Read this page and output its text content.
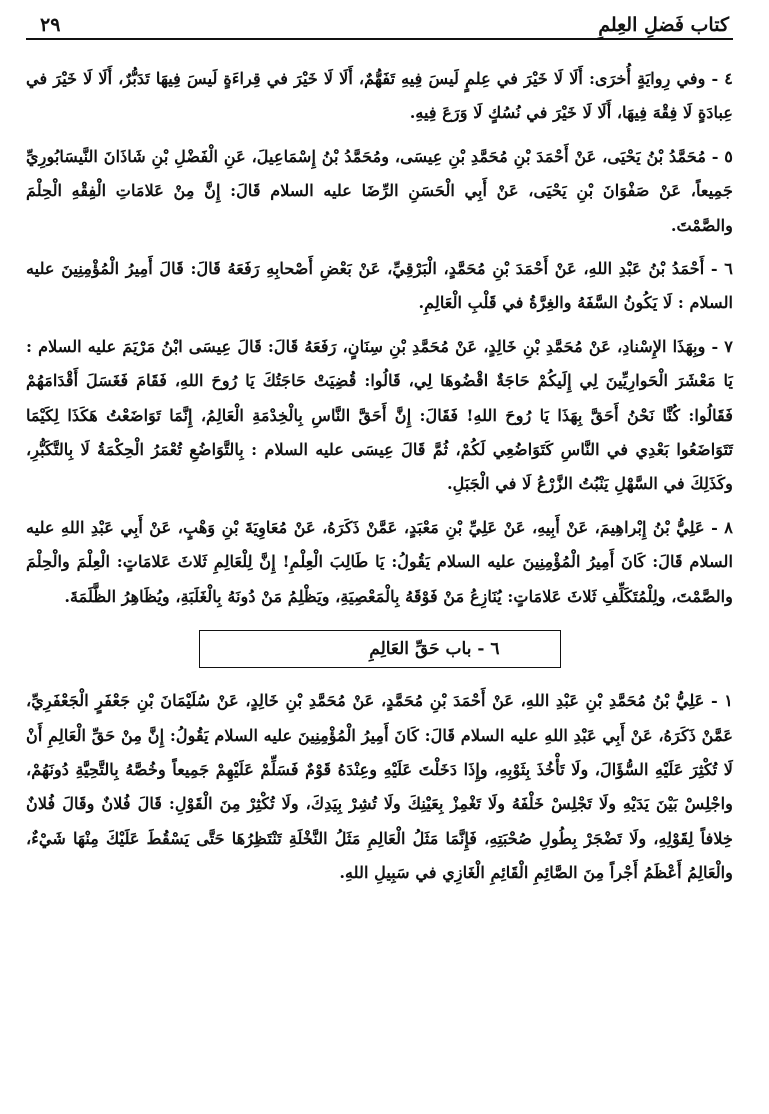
كتاب فَضلِ العِلمِ
٢٩

٤ - وفي رِوايَةٍ أُخرَى: أَلَا لَا خَيْرَ في عِلمٍ لَيسَ فِيهِ تَفَهُّمٌ، أَلَا لَا خَيْرَ في قِراءَةٍ لَيسَ فِيهَا تَدَبُّرٌ، أَلَا لَا خَيْرَ في عِبادَةٍ لَا فِقْهَ فِيهَا، أَلَا لَا خَيْرَ في نُسُكٍ لَا وَرَعَ فِيهِ.

٥ - مُحَمَّدُ بْنُ يَحْيَى، عَنْ أَحْمَدَ بْنِ مُحَمَّدِ بْنِ عِيسَى، ومُحَمَّدُ بْنُ إِسْمَاعِيلَ، عَنِ الْفَضْلِ بْنِ شَاذَانَ النَّيسَابُورِيِّ جَمِيعاً، عَنْ صَفْوَانَ بْنِ يَحْيَى، عَنْ أَبِي الْحَسَنِ الرِّضَا عليه السلام قَالَ: إِنَّ مِنْ عَلامَاتِ الْفِقْهِ الْحِلْمَ والصَّمْتَ.

٦ - أَحْمَدُ بْنُ عَبْدِ اللهِ، عَنْ أَحْمَدَ بْنِ مُحَمَّدٍ، الْبَرْقِيِّ، عَنْ بَعْضِ أَصْحابِهِ رَفَعَهُ قَالَ: قَالَ أَمِيرُ الْمُؤْمِنِينَ عليه السلام : لَا يَكُونُ السَّفَهُ والغِرَّةُ في قَلْبِ الْعَالِمِ.

٧ - وبِهَذَا الإِسْنادِ، عَنْ مُحَمَّدِ بْنِ خَالِدٍ، عَنْ مُحَمَّدِ بْنِ سِنَانٍ، رَفَعَهُ قَالَ: قَالَ عِيسَى ابْنُ مَرْيَمَ عليه السلام : يَا مَعْشَرَ الْحَوارِيِّينَ لِي إِلَيكُمْ حَاجَةٌ اقْضُوهَا لِي، قَالُوا: قُضِيَتْ حَاجَتُكَ يَا رُوحَ اللهِ، فَقَامَ فَغَسَلَ أَقْدَامَهُمْ فَقَالُوا: كُنَّا نَحْنُ أَحَقَّ بِهَذَا يَا رُوحَ اللهِ! فَقَالَ: إِنَّ أَحَقَّ النَّاسِ بِالْخِدْمَةِ الْعَالِمُ، إِنَّمَا تَوَاضَعْتُ هَكَذَا لِكَيْمَا تَتَوَاضَعُوا بَعْدِي في النَّاسِ كَتَوَاضُعِي لَكُمْ، ثُمَّ قَالَ عِيسَى عليه السلام : بِالتَّوَاضُعِ تُعْمَرُ الْحِكْمَةُ لَا بِالتَّكَبُّرِ، وكَذَلِكَ في السَّهْلِ يَنْبُتُ الزَّرْعُ لَا في الْجَبَلِ.

٨ - عَلِيُّ بْنُ إِبْراهِيمَ، عَنْ أَبِيهِ، عَنْ عَلِيِّ بْنِ مَعْبَدٍ، عَمَّنْ ذَكَرَهُ، عَنْ مُعَاوِيَةَ بْنِ وَهْبٍ، عَنْ أَبِي عَبْدِ اللهِ عليه السلام قَالَ: كَانَ أَمِيرُ الْمُؤْمِنِينَ عليه السلام يَقُولُ: يَا طَالِبَ الْعِلْمِ! إِنَّ لِلْعَالِمِ ثَلاثَ عَلامَاتٍ: الْعِلْمَ والْحِلْمَ والصَّمْتَ، ولِلْمُتَكَلِّفِ ثَلاثَ عَلامَاتٍ: يُنَازِعُ مَنْ فَوْقَهُ بِالْمَعْصِيَةِ، ويَظْلِمُ مَنْ دُونَهُ بِالْغَلَبَةِ، ويُظَاهِرُ الظَّلَمَةَ.

٦ - باب حَقِّ العَالِمِ

١ - عَلِيُّ بْنُ مُحَمَّدِ بْنِ عَبْدِ اللهِ، عَنْ أَحْمَدَ بْنِ مُحَمَّدٍ، عَنْ مُحَمَّدِ بْنِ خَالِدٍ، عَنْ سُلَيْمَانَ بْنِ جَعْفَرٍ الْجَعْفَرِيِّ، عَمَّنْ ذَكَرَهُ، عَنْ أَبِي عَبْدِ اللهِ عليه السلام قَالَ: كَانَ أَمِيرُ الْمُؤْمِنِينَ عليه السلام يَقُولُ: إِنَّ مِنْ حَقِّ الْعَالِمِ أَنْ لَا تُكْثِرَ عَلَيْهِ السُّؤَالَ، ولَا تَأْخُذَ بِثَوْبِهِ، وإِذَا دَخَلْتَ عَلَيْهِ وعِنْدَهُ قَوْمٌ فَسَلِّمْ عَلَيْهِمْ جَمِيعاً وخُصَّهُ بِالتَّحِيَّةِ دُونَهُمْ، واجْلِسْ بَيْنَ يَدَيْهِ ولَا تَجْلِسْ خَلْفَهُ ولَا تَغْمِزْ بِعَيْنِكَ ولَا تُشِرْ بِيَدِكَ، ولَا تُكْثِرْ مِنَ الْقَوْلِ: قَالَ فُلانٌ وقَالَ فُلانٌ خِلافاً لِقَوْلِهِ، ولَا تَضْجَرْ بِطُولِ صُحْبَتِهِ، فَإِنَّمَا مَثَلُ الْعَالِمِ مَثَلُ النَّخْلَةِ تَنْتَظِرُهَا حَتَّى يَسْقُطَ عَلَيْكَ مِنْهَا شَيْءٌ، والْعَالِمُ أَعْظَمُ أَجْراً مِنَ الصَّائِمِ الْقَائِمِ الْغَازِي في سَبِيلِ اللهِ.
